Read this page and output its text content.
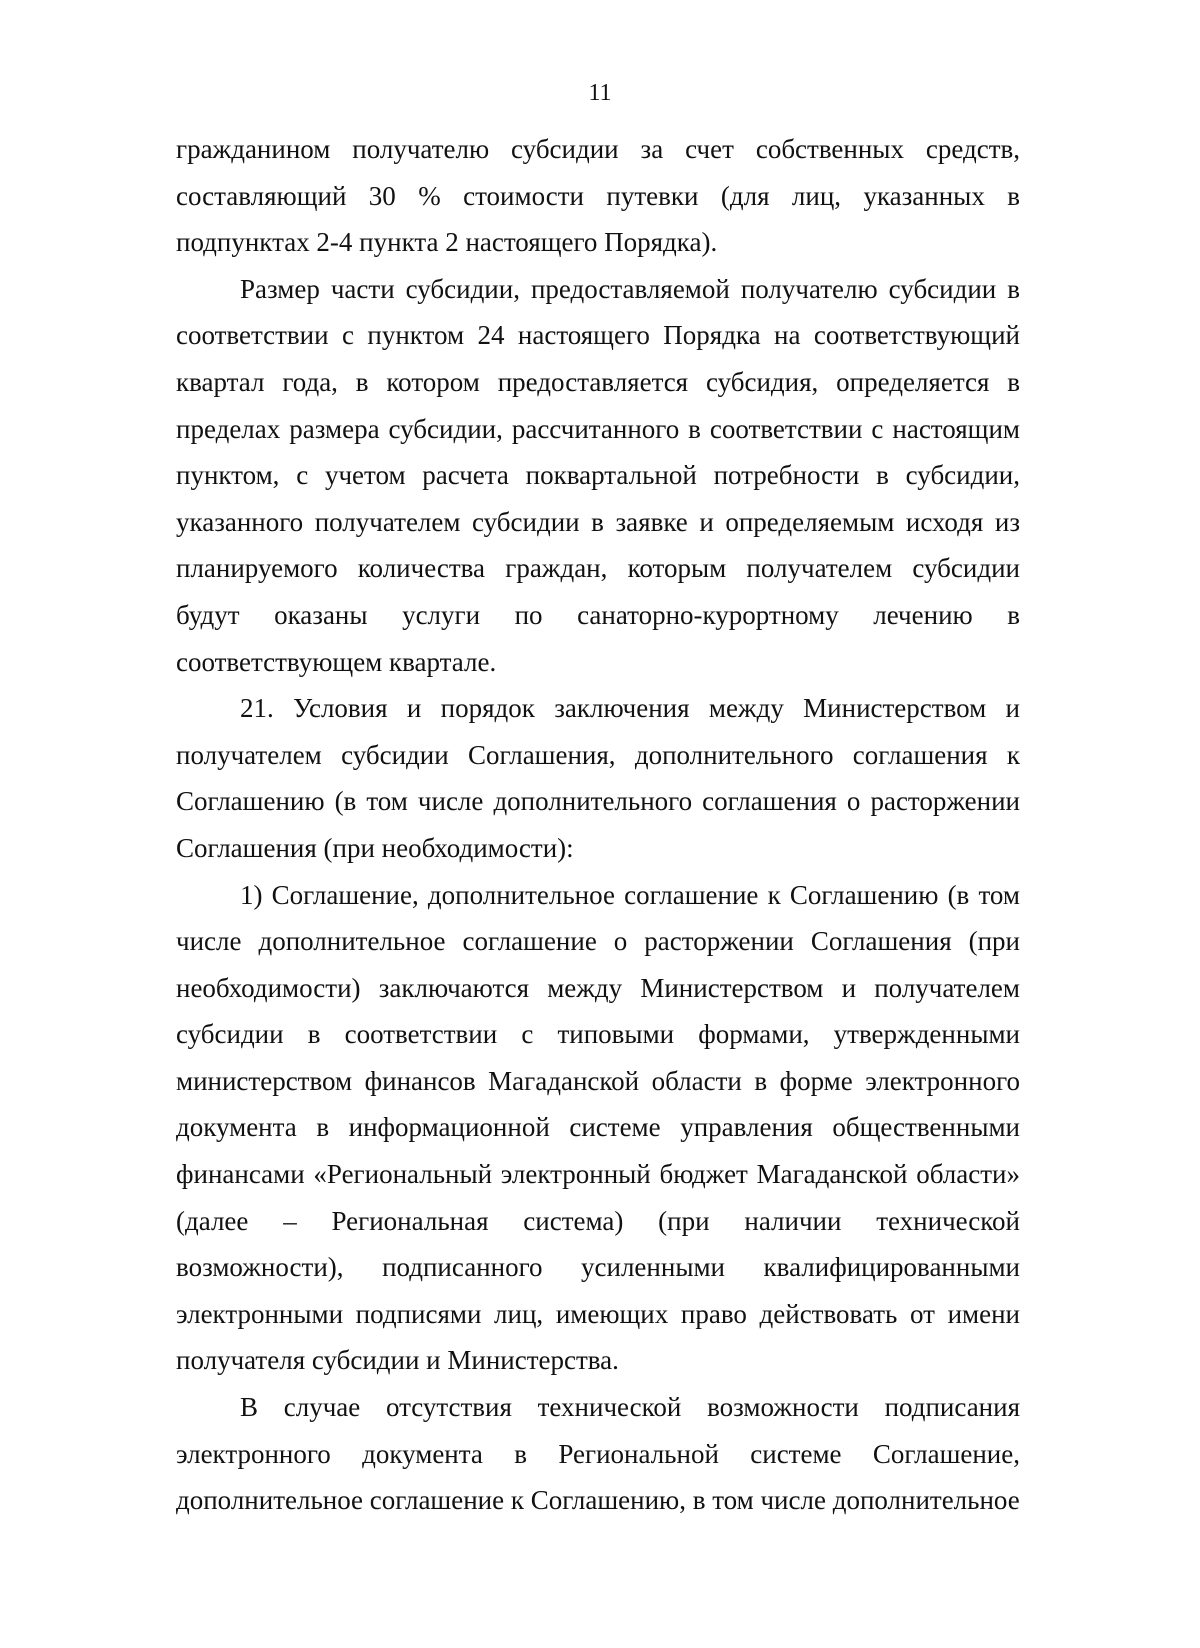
11

гражданином получателю субсидии за счет собственных средств, составляющий 30 % стоимости путевки (для лиц, указанных в подпунктах 2-4 пункта 2 настоящего Порядка).

Размер части субсидии, предоставляемой получателю субсидии в соответствии с пунктом 24 настоящего Порядка на соответствующий квартал года, в котором предоставляется субсидия, определяется в пределах размера субсидии, рассчитанного в соответствии с настоящим пунктом, с учетом расчета поквартальной потребности в субсидии, указанного получателем субсидии в заявке и определяемым исходя из планируемого количества граждан, которым получателем субсидии будут оказаны услуги по санаторно-курортному лечению в соответствующем квартале.

21. Условия и порядок заключения между Министерством и получателем субсидии Соглашения, дополнительного соглашения к Соглашению (в том числе дополнительного соглашения о расторжении Соглашения (при необходимости):

1) Соглашение, дополнительное соглашение к Соглашению (в том числе дополнительное соглашение о расторжении Соглашения (при необходимости) заключаются между Министерством и получателем субсидии в соответствии с типовыми формами, утвержденными министерством финансов Магаданской области в форме электронного документа в информационной системе управления общественными финансами «Региональный электронный бюджет Магаданской области» (далее – Региональная система) (при наличии технической возможности), подписанного усиленными квалифицированными электронными подписями лиц, имеющих право действовать от имени получателя субсидии и Министерства.

В случае отсутствия технической возможности подписания электронного документа в Региональной системе Соглашение, дополнительное соглашение к Соглашению, в том числе дополнительное
